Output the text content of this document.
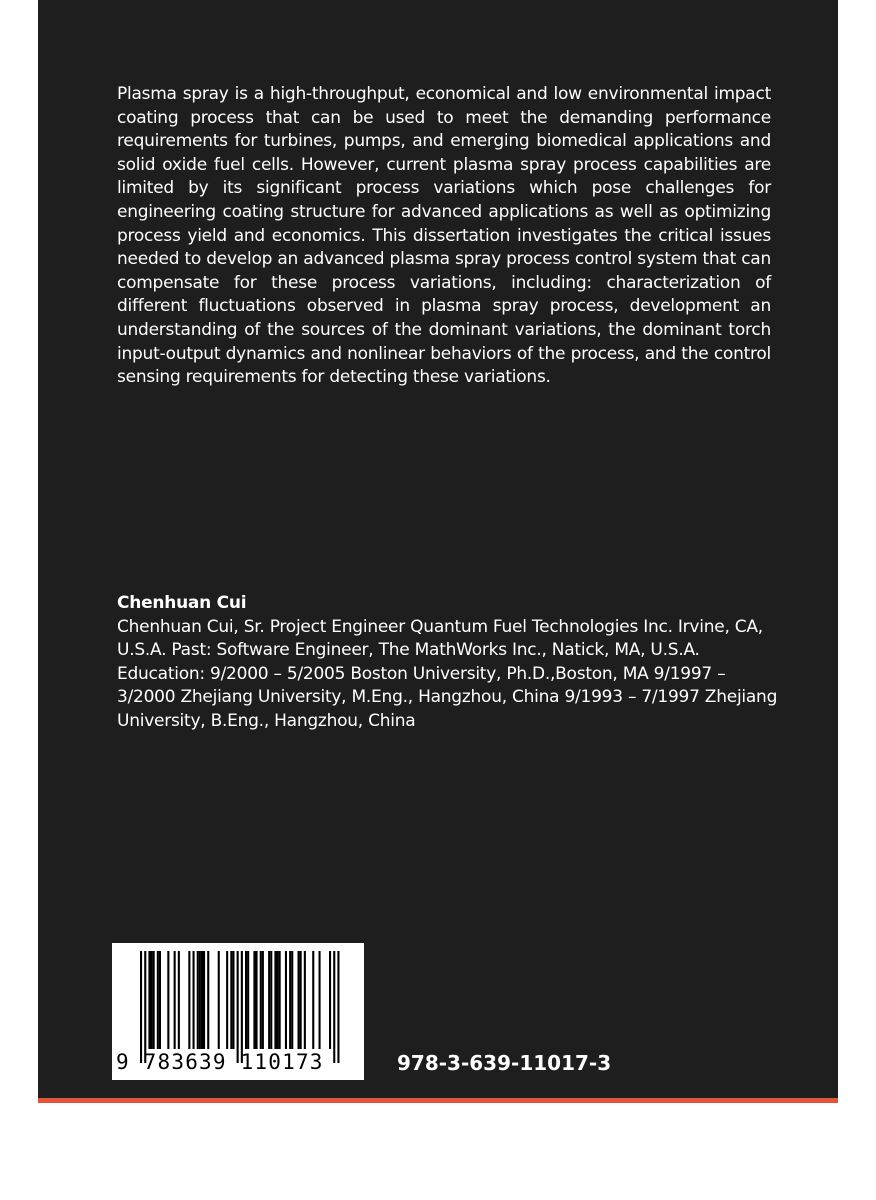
Plasma spray is a high-throughput, economical and low environmental impact coating process that can be used to meet the demanding performance requirements for turbines, pumps, and emerging biomedical applications and solid oxide fuel cells. However, current plasma spray process capabilities are limited by its significant process variations which pose challenges for engineering coating structure for advanced applications as well as optimizing process yield and economics. This dissertation investigates the critical issues needed to develop an advanced plasma spray process control system that can compensate for these process variations, including: characterization of different fluctuations observed in plasma spray process, development an understanding of the sources of the dominant variations, the dominant torch input-output dynamics and nonlinear behaviors of the process, and the control sensing requirements for detecting these variations.

Chenhuan Cui

Chenhuan Cui, Sr. Project Engineer Quantum Fuel Technologies Inc. Irvine, CA, U.S.A. Past: Software Engineer, The MathWorks Inc., Natick, MA, U.S.A. Education: 9/2000 – 5/2005 Boston University, Ph.D.,Boston, MA 9/1997 – 3/2000 Zhejiang University, M.Eng., Hangzhou, China 9/1993 – 7/1997 Zhejiang University, B.Eng., Hangzhou, China

9 783639 110173	978-3-639-11017-3
